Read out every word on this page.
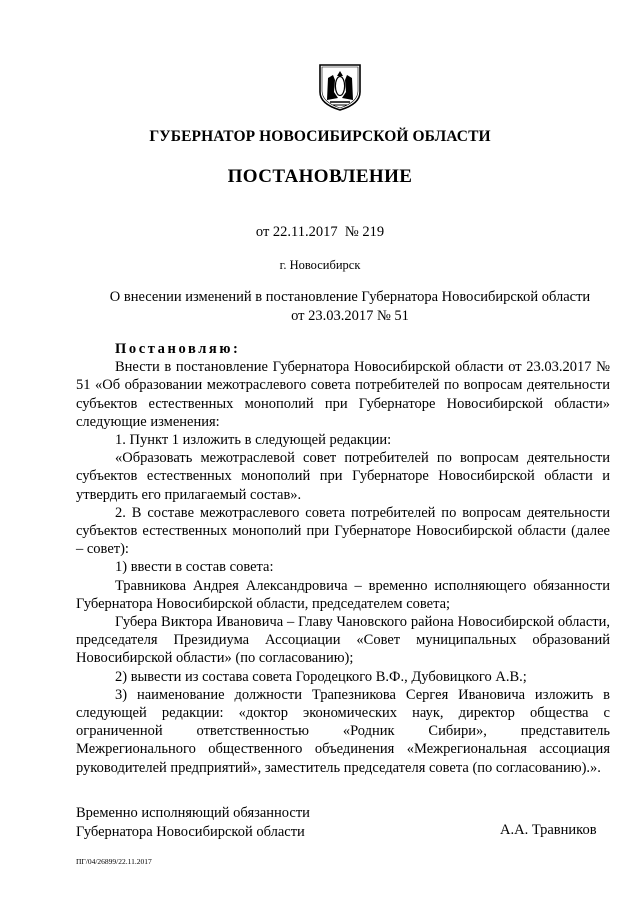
ГУБЕРНАТОР НОВОСИБИРСКОЙ ОБЛАСТИ
ПОСТАНОВЛЕНИЕ
от 22.11.2017  № 219
г. Новосибирск
О внесении изменений в постановление Губернатора Новосибирской области
от 23.03.2017 № 51

Постановляю:

Внести в постановление Губернатора Новосибирской области от 23.03.2017 № 51 «Об образовании межотраслевого совета потребителей по вопросам деятельности субъектов естественных монополий при Губернаторе Новосибирской области» следующие изменения:

1. Пункт 1 изложить в следующей редакции:

«Образовать межотраслевой совет потребителей по вопросам деятельности субъектов естественных монополий при Губернаторе Новосибирской области и утвердить его прилагаемый состав».

2. В составе межотраслевого совета потребителей по вопросам деятельности субъектов естественных монополий при Губернаторе Новосибирской области (далее – совет):

1) ввести в состав совета:

Травникова Андрея Александровича – временно исполняющего обязанности Губернатора Новосибирской области, председателем совета;

Губера Виктора Ивановича – Главу Чановского района Новосибирской области, председателя Президиума Ассоциации «Совет муниципальных образований Новосибирской области» (по согласованию);

2) вывести из состава совета Городецкого В.Ф., Дубовицкого А.В.;

3) наименование должности Трапезникова Сергея Ивановича изложить в следующей редакции: «доктор экономических наук, директор общества с ограниченной ответственностью «Родник Сибири», представитель Межрегионального общественного объединения «Межрегиональная ассоциация руководителей предприятий», заместитель председателя совета (по согласованию).».

Временно исполняющий обязанности

Губернатора Новосибирской области	А.А. Травников
ПГ/04/26899/22.11.2017
